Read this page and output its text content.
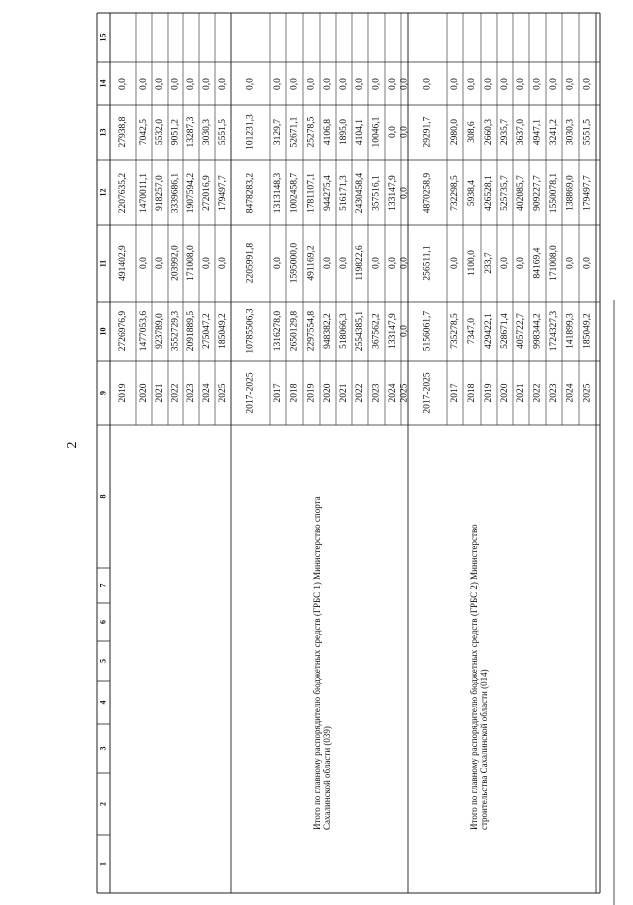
15
14
13
12
11
10
9
8
7
6
5
4
3
2
1
2019
2726976,9
491402,9
2207635,2
27938,8
0,0
2020
1477053,6
0,0
1470011,1
7042,5
0,0
2021
923789,0
0,0
918257,0
5532,0
0,0
2022
3552729,3
203992,0
3339686,1
9051,2
0,0
2023
2091889,5
171008,0
1907594,2
13287,3
0,0
2024
275047,2
0,0
272016,9
3030,3
0,0
2025
185049,2
0,0
179497,7
5551,5
0,0
2017-2025
10785506,3
2205991,8
8478283,2
101231,3
0,0
2017
1316278,0
0,0
1313148,3
3129,7
0,0
2018
2650129,8
1595000,0
1002458,7
52671,1
0,0
2019
2297554,8
491169,2
1781107,1
25278,5
0,0
2020
948382,2
0,0
944275,4
4106,8
0,0
2021
518066,3
0,0
516171,3
1895,0
0,0
2022
2554385,1
119822,6
2430458,4
4104,1
0,0
2023
367562,2
0,0
357516,1
10046,1
0,0
2024
133147,9
0,0
133147,9
0,0
0,0
2025
0,0
0,0
0,0
0,0
0,0
Итого по главному распорядителю бюджетных средств (ГРБС 1) Министерство спорта Сахалинской области (039)
2017-2025
5156061,7
256511,1
4870258,9
29291,7
0,0
2017
735278,5
0,0
732298,5
2980,0
0,0
2018
7347,0
1100,0
5938,4
308,6
0,0
2019
429422,1
233,7
426528,1
2660,3
0,0
2020
528671,4
0,0
525735,7
2935,7
0,0
2021
405722,7
0,0
402085,7
3637,0
0,0
2022
998344,2
84169,4
909227,7
4947,1
0,0
2023
1724327,3
171008,0
1550078,1
3241,2
0,0
2024
141899,3
0,0
138869,0
3030,3
0,0
2025
185049,2
0,0
179497,7
5551,5
0,0
Итого по главному распорядителю бюджетных средств (ГРБС 2) Министерство строительства Сахалинской области (014)
2
